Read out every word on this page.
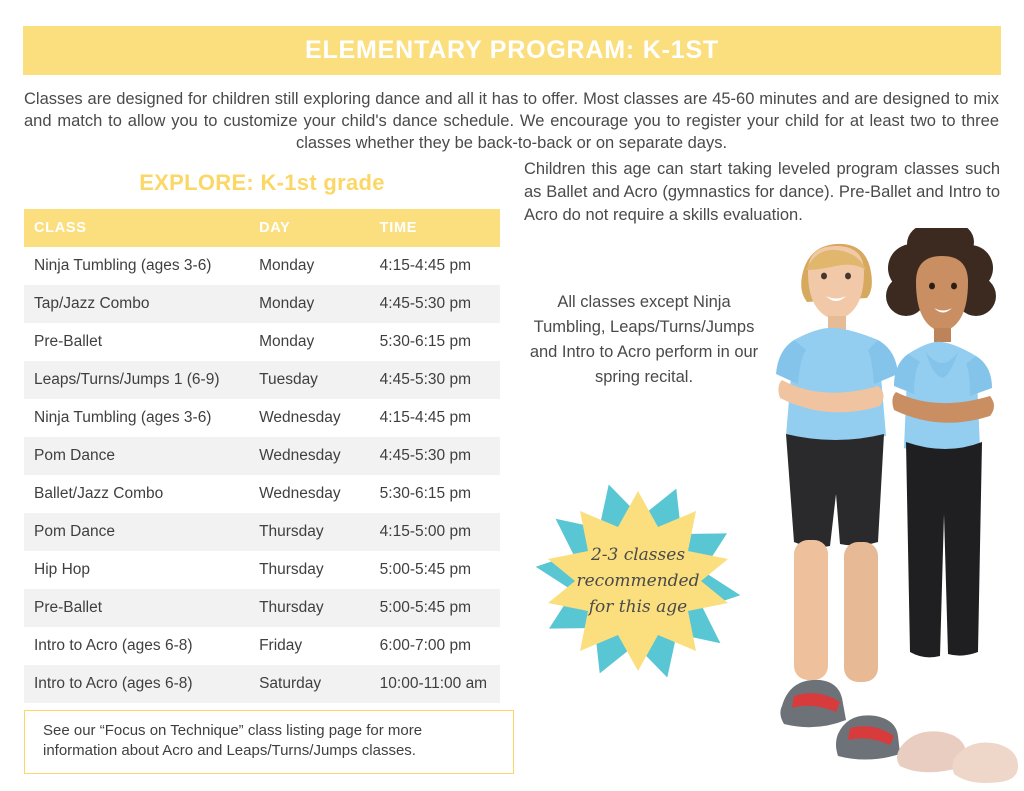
ELEMENTARY PROGRAM: K-1ST
Classes are designed for children still exploring dance and all it has to offer. Most classes are 45-60 minutes and are designed to mix and match to allow you to customize your child's dance schedule. We encourage you to register your child for at least two to three classes whether they be back-to-back or on separate days.
EXPLORE: K-1st grade
CLASS	DAY	TIME
Ninja Tumbling (ages 3-6)	Monday	4:15-4:45 pm
Tap/Jazz Combo	Monday	4:45-5:30 pm
Pre-Ballet	Monday	5:30-6:15 pm
Leaps/Turns/Jumps 1 (6-9)	Tuesday	4:45-5:30 pm
Ninja Tumbling (ages 3-6)	Wednesday	4:15-4:45 pm
Pom Dance	Wednesday	4:45-5:30 pm
Ballet/Jazz Combo	Wednesday	5:30-6:15 pm
Pom Dance	Thursday	4:15-5:00 pm
Hip Hop	Thursday	5:00-5:45 pm
Pre-Ballet	Thursday	5:00-5:45 pm
Intro to Acro (ages 6-8)	Friday	6:00-7:00 pm
Intro to Acro (ages 6-8)	Saturday	10:00-11:00 am
See our “Focus on Technique” class listing page for more information about Acro and Leaps/Turns/Jumps classes.
Children this age can start taking leveled program classes such as Ballet and Acro (gymnastics for dance). Pre-Ballet and Intro to Acro do not require a skills evaluation.
All classes except Ninja Tumbling, Leaps/Turns/Jumps and Intro to Acro perform in our spring recital.
2-3 classes
recommended
for this age
